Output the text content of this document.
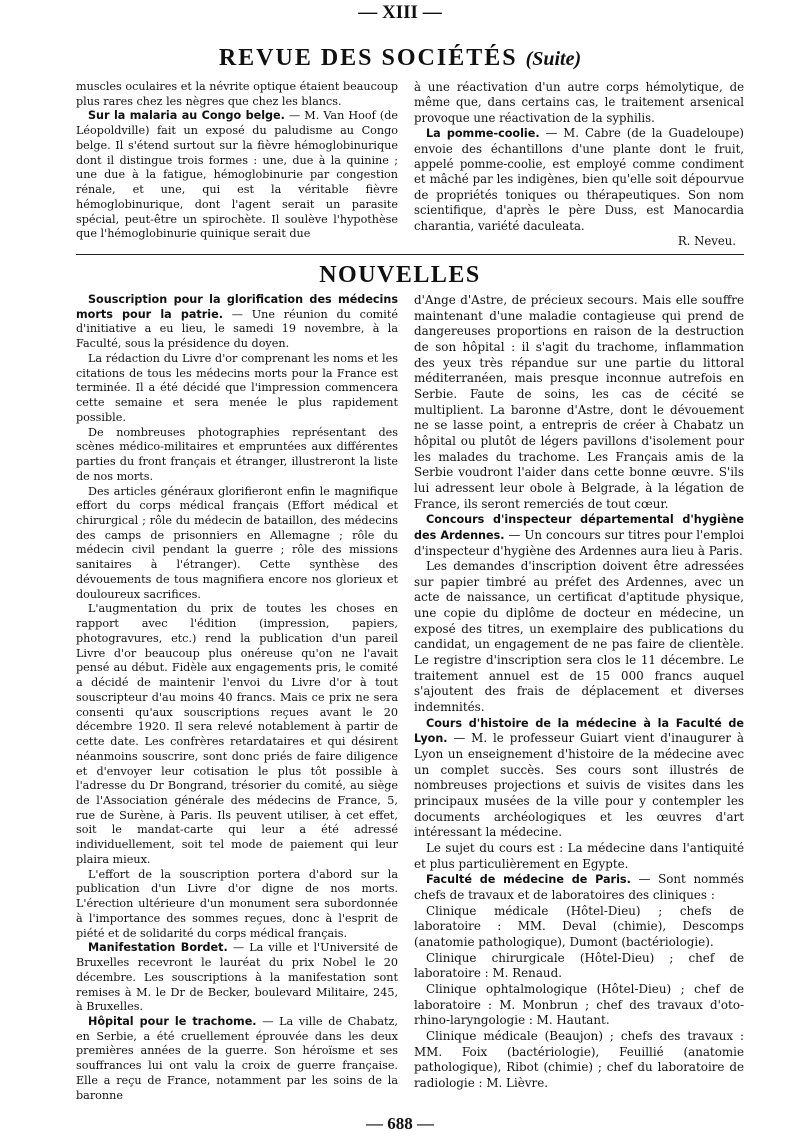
— XIII —
REVUE DES SOCIÉTÉS (Suite)

muscles oculaires et la névrite optique étaient beaucoup plus rares chez les nègres que chez les blancs.

Sur la malaria au Congo belge. — M. Van Hoof (de Léopoldville) fait un exposé du paludisme au Congo belge. Il s'étend surtout sur la fièvre hémoglobinurique dont il distingue trois formes : une, due à la quinine ; une due à la fatigue, hémoglobinurie par congestion rénale, et une, qui est la véritable fièvre hémoglobinurique, dont l'agent serait un parasite spécial, peut-être un spirochète. Il soulève l'hypothèse que l'hémoglobinurie quinique serait due

à une réactivation d'un autre corps hémolytique, de même que, dans certains cas, le traitement arsenical provoque une réactivation de la syphilis.

La pomme-coolie. — M. Cabre (de la Guadeloupe) envoie des échantillons d'une plante dont le fruit, appelé pomme-coolie, est employé comme condiment et mâché par les indigènes, bien qu'elle soit dépourvue de propriétés toniques ou thérapeutiques. Son nom scientifique, d'après le père Duss, est Manocardia charantia, variété daculeata.

R. Neveu.

NOUVELLES

Souscription pour la glorification des médecins morts pour la patrie. — Une réunion du comité d'initiative a eu lieu, le samedi 19 novembre, à la Faculté, sous la présidence du doyen.

La rédaction du Livre d'or comprenant les noms et les citations de tous les médecins morts pour la France est terminée. Il a été décidé que l'impression commencera cette semaine et sera menée le plus rapidement possible.

De nombreuses photographies représentant des scènes médico-militaires et empruntées aux différentes parties du front français et étranger, illustreront la liste de nos morts.

Des articles généraux glorifieront enfin le magnifique effort du corps médical français (Effort médical et chirurgical ; rôle du médecin de bataillon, des médecins des camps de prisonniers en Allemagne ; rôle du médecin civil pendant la guerre ; rôle des missions sanitaires à l'étranger). Cette synthèse des dévouements de tous magnifiera encore nos glorieux et douloureux sacrifices.

L'augmentation du prix de toutes les choses en rapport avec l'édition (impression, papiers, photogravures, etc.) rend la publication d'un pareil Livre d'or beaucoup plus onéreuse qu'on ne l'avait pensé au début. Fidèle aux engagements pris, le comité a décidé de maintenir l'envoi du Livre d'or à tout souscripteur d'au moins 40 francs. Mais ce prix ne sera consenti qu'aux souscriptions reçues avant le 20 décembre 1920. Il sera relevé notablement à partir de cette date. Les confrères retardataires et qui désirent néanmoins souscrire, sont donc priés de faire diligence et d'envoyer leur cotisation le plus tôt possible à l'adresse du Dr Bongrand, trésorier du comité, au siège de l'Association générale des médecins de France, 5, rue de Surène, à Paris. Ils peuvent utiliser, à cet effet, soit le mandat-carte qui leur a été adressé individuellement, soit tel mode de paiement qui leur plaira mieux.

L'effort de la souscription portera d'abord sur la publication d'un Livre d'or digne de nos morts. L'érection ultérieure d'un monument sera subordonnée à l'importance des sommes reçues, donc à l'esprit de piété et de solidarité du corps médical français.

Manifestation Bordet. — La ville et l'Université de Bruxelles recevront le lauréat du prix Nobel le 20 décembre. Les souscriptions à la manifestation sont remises à M. le Dr de Becker, boulevard Militaire, 245, à Bruxelles.

Hôpital pour le trachome. — La ville de Chabatz, en Serbie, a été cruellement éprouvée dans les deux premières années de la guerre. Son héroïsme et ses souffrances lui ont valu la croix de guerre française. Elle a reçu de France, notamment par les soins de la baronne

d'Ange d'Astre, de précieux secours. Mais elle souffre maintenant d'une maladie contagieuse qui prend de dangereuses proportions en raison de la destruction de son hôpital : il s'agit du trachome, inflammation des yeux très répandue sur une partie du littoral méditerranéen, mais presque inconnue autrefois en Serbie. Faute de soins, les cas de cécité se multiplient. La baronne d'Astre, dont le dévouement ne se lasse point, a entrepris de créer à Chabatz un hôpital ou plutôt de légers pavillons d'isolement pour les malades du trachome. Les Français amis de la Serbie voudront l'aider dans cette bonne œuvre. S'ils lui adressent leur obole à Belgrade, à la légation de France, ils seront remerciés de tout cœur.

Concours d'inspecteur départemental d'hygiène des Ardennes. — Un concours sur titres pour l'emploi d'inspecteur d'hygiène des Ardennes aura lieu à Paris.

Les demandes d'inscription doivent être adressées sur papier timbré au préfet des Ardennes, avec un acte de naissance, un certificat d'aptitude physique, une copie du diplôme de docteur en médecine, un exposé des titres, un exemplaire des publications du candidat, un engagement de ne pas faire de clientèle. Le registre d'inscription sera clos le 11 décembre. Le traitement annuel est de 15 000 francs auquel s'ajoutent des frais de déplacement et diverses indemnités.

Cours d'histoire de la médecine à la Faculté de Lyon. — M. le professeur Guiart vient d'inaugurer à Lyon un enseignement d'histoire de la médecine avec un complet succès. Ses cours sont illustrés de nombreuses projections et suivis de visites dans les principaux musées de la ville pour y contempler les documents archéologiques et les œuvres d'art intéressant la médecine.

Le sujet du cours est : La médecine dans l'antiquité et plus particulièrement en Egypte.

Faculté de médecine de Paris. — Sont nommés chefs de travaux et de laboratoires des cliniques :

Clinique médicale (Hôtel-Dieu) ; chefs de laboratoire : MM. Deval (chimie), Descomps (anatomie pathologique), Dumont (bactériologie).

Clinique chirurgicale (Hôtel-Dieu) ; chef de laboratoire : M. Renaud.

Clinique ophtalmologique (Hôtel-Dieu) ; chef de laboratoire : M. Monbrun ; chef des travaux d'oto-rhino-laryngologie : M. Hautant.

Clinique médicale (Beaujon) ; chefs des travaux : MM. Foix (bactériologie), Feuillié (anatomie pathologique), Ribot (chimie) ; chef du laboratoire de radiologie : M. Lièvre.

— 688 —
